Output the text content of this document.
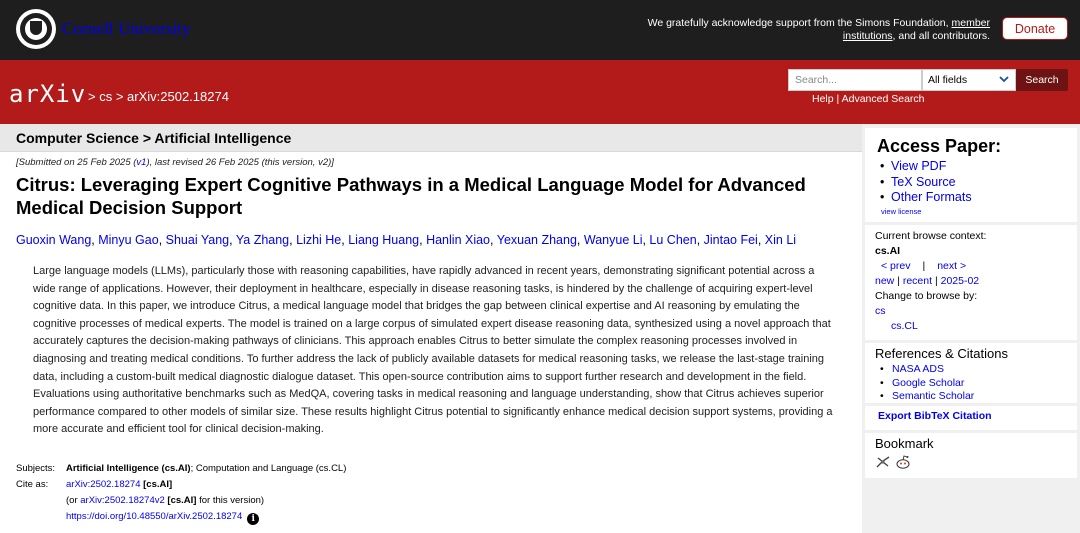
Cornell University	We gratefully acknowledge support from the Simons Foundation, member institutions, and all contributors.	Donate
arXiv > cs > arXiv:2502.18274
Search...	All fields	Search
Help | Advanced Search
Computer Science > Artificial Intelligence
[Submitted on 25 Feb 2025 (v1), last revised 26 Feb 2025 (this version, v2)]
Citrus: Leveraging Expert Cognitive Pathways in a Medical Language Model for Advanced Medical Decision Support
Guoxin Wang, Minyu Gao, Shuai Yang, Ya Zhang, Lizhi He, Liang Huang, Hanlin Xiao, Yexuan Zhang, Wanyue Li, Lu Chen, Jintao Fei, Xin Li
Large language models (LLMs), particularly those with reasoning capabilities, have rapidly advanced in recent years, demonstrating significant potential across a wide range of applications. However, their deployment in healthcare, especially in disease reasoning tasks, is hindered by the challenge of acquiring expert-level cognitive data. In this paper, we introduce Citrus, a medical language model that bridges the gap between clinical expertise and AI reasoning by emulating the cognitive processes of medical experts. The model is trained on a large corpus of simulated expert disease reasoning data, synthesized using a novel approach that accurately captures the decision-making pathways of clinicians. This approach enables Citrus to better simulate the complex reasoning processes involved in diagnosing and treating medical conditions. To further address the lack of publicly available datasets for medical reasoning tasks, we release the last-stage training data, including a custom-built medical diagnostic dialogue dataset. This open-source contribution aims to support further research and development in the field. Evaluations using authoritative benchmarks such as MedQA, covering tasks in medical reasoning and language understanding, show that Citrus achieves superior performance compared to other models of similar size. These results highlight Citrus potential to significantly enhance medical decision support systems, providing a more accurate and efficient tool for clinical decision-making.
Subjects:	Artificial Intelligence (cs.AI); Computation and Language (cs.CL)
Cite as:	arXiv:2502.18274 [cs.AI]
(or arXiv:2502.18274v2 [cs.AI] for this version)
https://doi.org/10.48550/arXiv.2502.18274 i
Access Paper:
• View PDF
• TeX Source
• Other Formats
view license
Current browse context:
cs.AI
< prev | next >
new | recent | 2025-02
Change to browse by:
cs
cs.CL
References & Citations
• NASA ADS
• Google Scholar
• Semantic Scholar
Export BibTeX Citation
Bookmark
